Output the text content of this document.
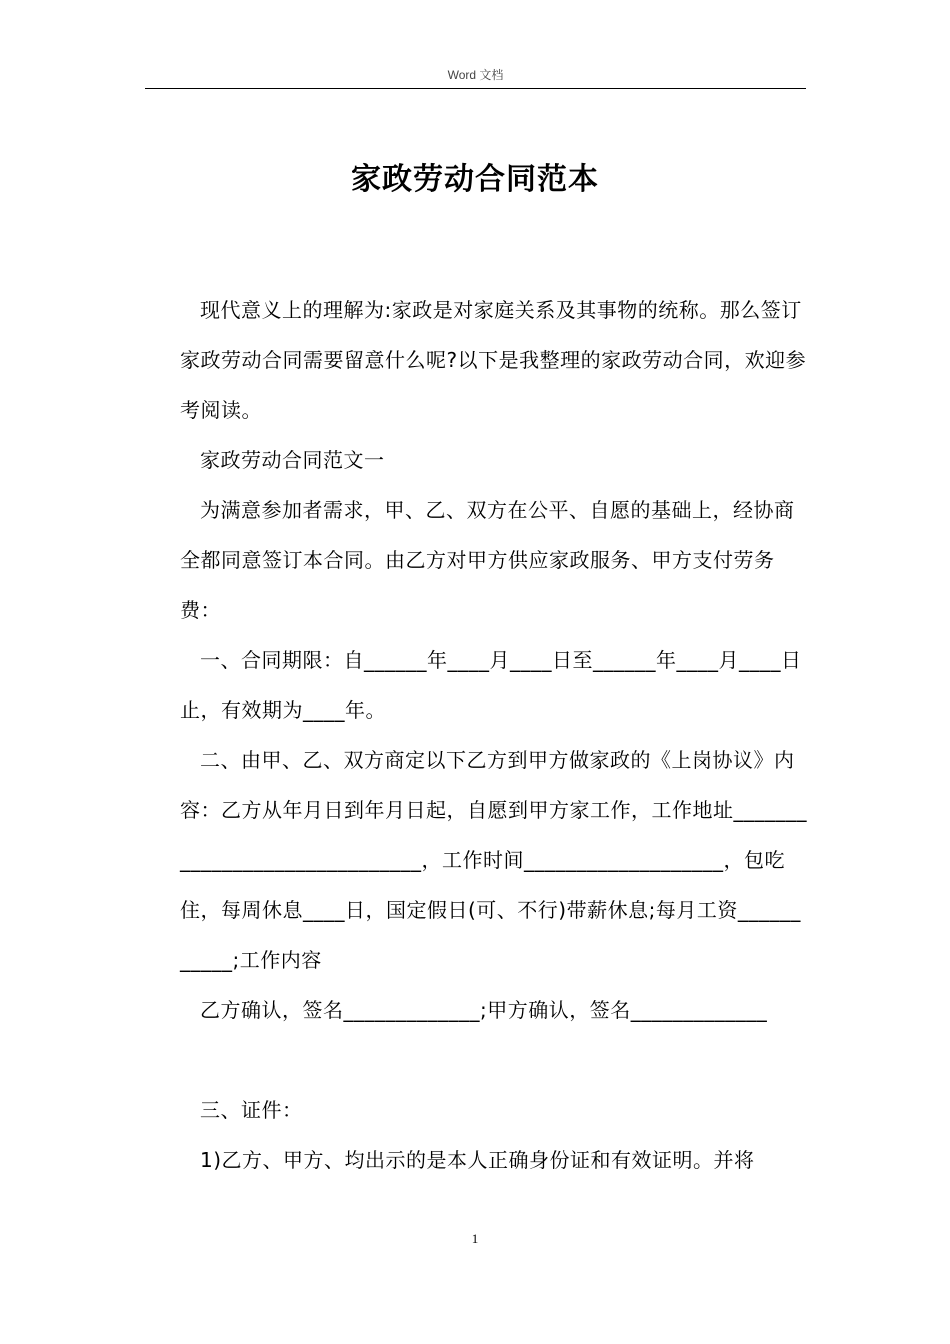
Word 文档
家政劳动合同范本

现代意义上的理解为:家政是对家庭关系及其事物的统称。那么签订家政劳动合同需要留意什么呢?以下是我整理的家政劳动合同，欢迎参考阅读。

家政劳动合同范文一

为满意参加者需求，甲、乙、双方在公平、自愿的基础上，经协商全都同意签订本合同。由乙方对甲方供应家政服务、甲方支付劳务费：

一、合同期限：自______年____月____日至______年____月____日止，有效期为____年。

二、由甲、乙、双方商定以下乙方到甲方做家政的《上岗协议》内容：乙方从年月日到年月日起，自愿到甲方家工作，工作地址______________________________，工作时间___________________，包吃住，每周休息____日，国定假日(可、不行)带薪休息;每月工资___________;工作内容

乙方确认，签名_____________;甲方确认，签名_____________

三、证件：

1)乙方、甲方、均出示的是本人正确身份证和有效证明。并将

1
